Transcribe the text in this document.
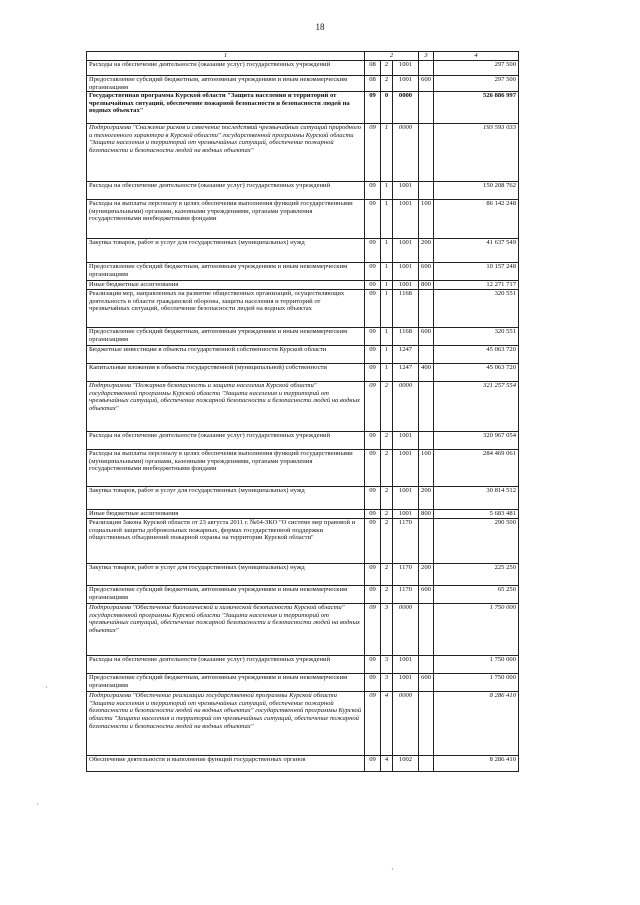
18
1	2			3	4
Расходы на обеспечение деятельности (оказание услуг) государственных учреждений	08	2	1001		297 500
Предоставление субсидий бюджетным, автономным учреждениям и иным некоммерческим организациям	08	2	1001	600	297 500
Государственная программа Курской области "Защита населения и территорий от чрезвычайных ситуаций, обеспечение пожарной безопасности и безопасности людей на водных объектах"	09	0	0000		526 886 997
Подпрограмма "Снижение рисков и смягчение последствий чрезвычайных ситуаций природного и техногенного характера в Курской области" государственной программы Курской области "Защита населения и территорий от чрезвычайных ситуаций, обеспечение пожарной безопасности и безопасности людей на водных объектах"	09	1	0000		193 593 033
Расходы на обеспечение деятельности (оказание услуг) государственных учреждений	09	1	1001		150 208 762
Расходы на выплаты персоналу в целях обеспечения выполнения функций государственными (муниципальными) органами, казенными учреждениями, органами управления государственными внебюджетными фондами	09	1	1001	100	86 142 248
Закупка товаров, работ и услуг для государственных (муниципальных) нужд	09	1	1001	200	41 637 549
Предоставление субсидий бюджетным, автономным учреждениям и иным некоммерческим организациям	09	1	1001	600	10 157 248
Иные бюджетные ассигнования	09	1	1001	800	12 271 717
Реализация мер, направленных на развитие общественных организаций, осуществляющих деятельность в области гражданской обороны, защиты населения и территорий от чрезвычайных ситуаций, обеспечение безопасности людей на водных объектах	09	1	1168		320 551
Предоставление субсидий бюджетным, автономным учреждениям и иным некоммерческим организациям	09	1	1168	600	320 551
Бюджетные инвестиции в объекты государственной собственности Курской области	09	1	1247		45 063 720
Капитальные вложения в объекты государственной (муниципальной) собственности	09	1	1247	400	45 063 720
Подпрограмма "Пожарная безопасность и защита населения Курской области" государственной программы Курской области "Защита населения и территорий от чрезвычайных ситуаций, обеспечение пожарной безопасности и безопасности людей на водных объектах"	09	2	0000		321 257 554
Расходы на обеспечение деятельности (оказание услуг) государственных учреждений	09	2	1001		320 967 054
Расходы на выплаты персоналу в целях обеспечения выполнения функций государственными (муниципальными) органами, казенными учреждениями, органами управления государственными внебюджетными фондами	09	2	1001	100	284 469 061
Закупка товаров, работ и услуг для государственных (муниципальных) нужд	09	2	1001	200	30 814 512
Иные бюджетные ассигнования	09	2	1001	800	5 683 481
Реализация Закона Курской области от 23 августа 2011 г. №64-ЗКО "О системе мер правовой и социальной защиты добровольных пожарных, формах государственной поддержки общественных объединений пожарной охраны на территории Курской области"	09	2	1170		290 500
Закупка товаров, работ и услуг для государственных (муниципальных) нужд	09	2	1170	200	225 250
Предоставление субсидий бюджетным, автономным учреждениям и иным некоммерческим организациям	09	2	1170	600	65 250
Подпрограмма "Обеспечение биологической и химической безопасности Курской области" государственной программы Курской области "Защита населения и территорий от чрезвычайных ситуаций, обеспечение пожарной безопасности и безопасности людей на водных объектах"	09	3	0000		1 750 000
Расходы на обеспечение деятельности (оказание услуг) государственных учреждений	09	3	1001		1 750 000
Предоставление субсидий бюджетным, автономным учреждениям и иным некоммерческим организациям	09	3	1001	600	1 750 000
Подпрограмма "Обеспечение реализации государственной программы Курской области "Защита населения и территорий от чрезвычайных ситуаций, обеспечение пожарной безопасности и безопасности людей на водных объектах" государственной программы Курской области "Защита населения и территорий от чрезвычайных ситуаций, обеспечение пожарной безопасности и безопасности людей на водных объектах"	09	4	0000		8 286 410
Обеспечение деятельности и выполнение функций государственных органов	09	4	1002		8 286 410
·
·
·
